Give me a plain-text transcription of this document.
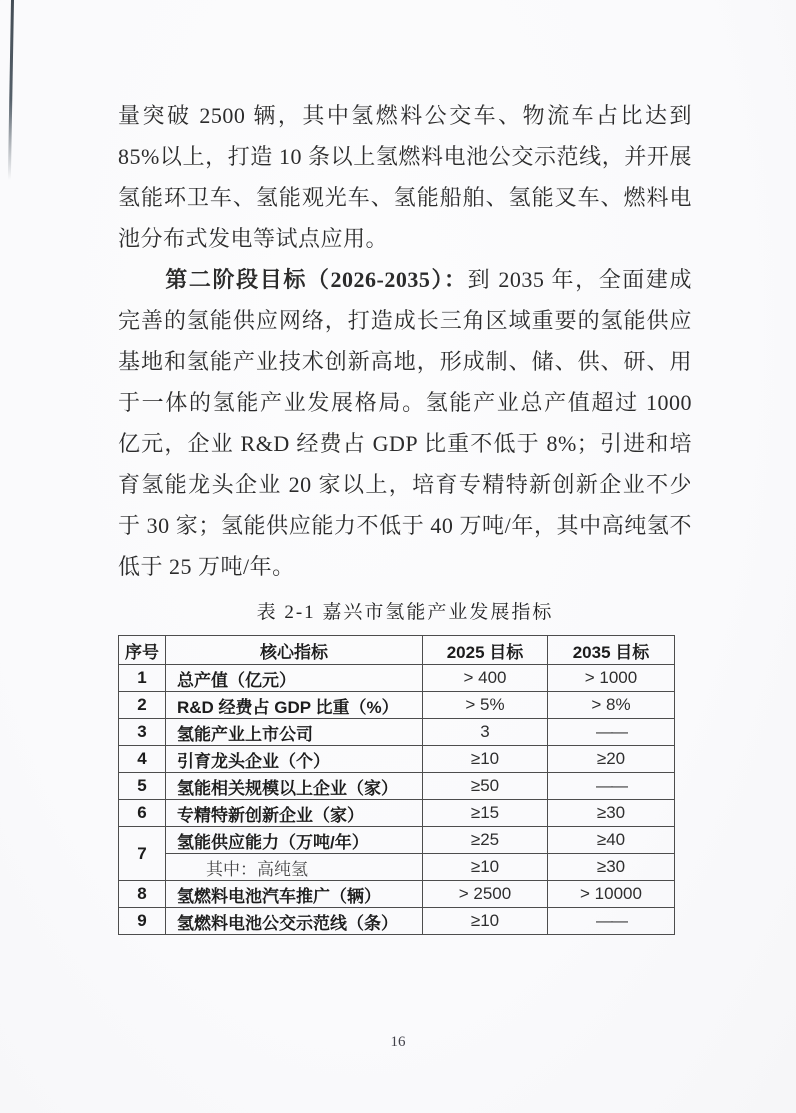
量突破 2500 辆，其中氢燃料公交车、物流车占比达到 85%以上，打造 10 条以上氢燃料电池公交示范线，并开展氢能环卫车、氢能观光车、氢能船舶、氢能叉车、燃料电池分布式发电等试点应用。

第二阶段目标（2026-2035）：到 2035 年，全面建成完善的氢能供应网络，打造成长三角区域重要的氢能供应基地和氢能产业技术创新高地，形成制、储、供、研、用于一体的氢能产业发展格局。氢能产业总产值超过 1000 亿元，企业 R&D 经费占 GDP 比重不低于 8%；引进和培育氢能龙头企业 20 家以上，培育专精特新创新企业不少于 30 家；氢能供应能力不低于 40 万吨/年，其中高纯氢不低于 25 万吨/年。

表 2-1 嘉兴市氢能产业发展指标
序号	核心指标	2025 目标	2035 目标
1	总产值（亿元）	> 400	> 1000
2	R&D 经费占 GDP 比重（%）	> 5%	> 8%
3	氢能产业上市公司	3	——
4	引育龙头企业（个）	≥10	≥20
5	氢能相关规模以上企业（家）	≥50	——
6	专精特新创新企业（家）	≥15	≥30
7	氢能供应能力（万吨/年）	≥25	≥40
	其中：高纯氢	≥10	≥30
8	氢燃料电池汽车推广（辆）	> 2500	> 10000
9	氢燃料电池公交示范线（条）	≥10	——
16
